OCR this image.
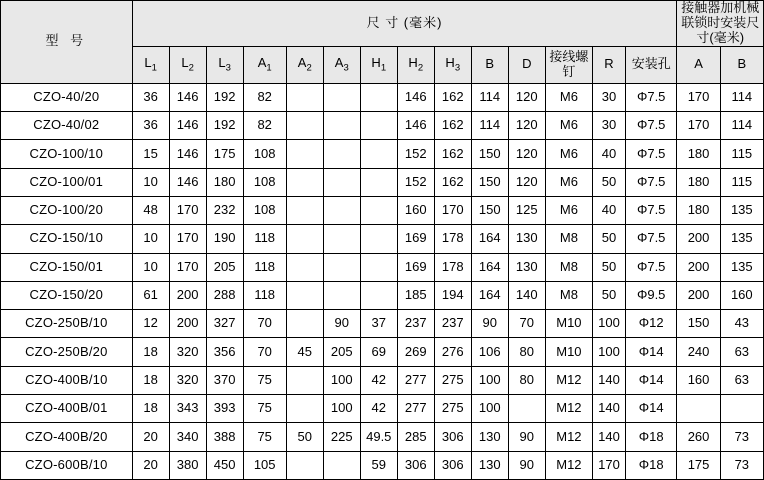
型 号	尺 寸 (毫米)														接触器加机械联锁时安装尺寸(毫米)	
	$L_1$	$L_2$	$L_3$	$A_1$	$A_2$	$A_3$	$H_1$	$H_2$	$H_3$	B	D	接线螺钉	R	安装孔	A	B
CZO-40/20	36	146	192	82				146	162	114	120	M6	30	Φ7.5	170	114
CZO-40/02	36	146	192	82				146	162	114	120	M6	30	Φ7.5	170	114
CZO-100/10	15	146	175	108				152	162	150	120	M6	40	Φ7.5	180	115
CZO-100/01	10	146	180	108				152	162	150	120	M6	50	Φ7.5	180	115
CZO-100/20	48	170	232	108				160	170	150	125	M6	40	Φ7.5	180	135
CZO-150/10	10	170	190	118				169	178	164	130	M8	50	Φ7.5	200	135
CZO-150/01	10	170	205	118				169	178	164	130	M8	50	Φ7.5	200	135
CZO-150/20	61	200	288	118				185	194	164	140	M8	50	Φ9.5	200	160
CZO-250B/10	12	200	327	70		90	37	237	237	90	70	M10	100	Φ12	150	43
CZO-250B/20	18	320	356	70	45	205	69	269	276	106	80	M10	100	Φ14	240	63
CZO-400B/10	18	320	370	75		100	42	277	275	100	80	M12	140	Φ14	160	63
CZO-400B/01	18	343	393	75		100	42	277	275	100		M12	140	Φ14		
CZO-400B/20	20	340	388	75	50	225	49.5	285	306	130	90	M12	140	Φ18	260	73
CZO-600B/10	20	380	450	105			59	306	306	130	90	M12	170	Φ18	175	73
